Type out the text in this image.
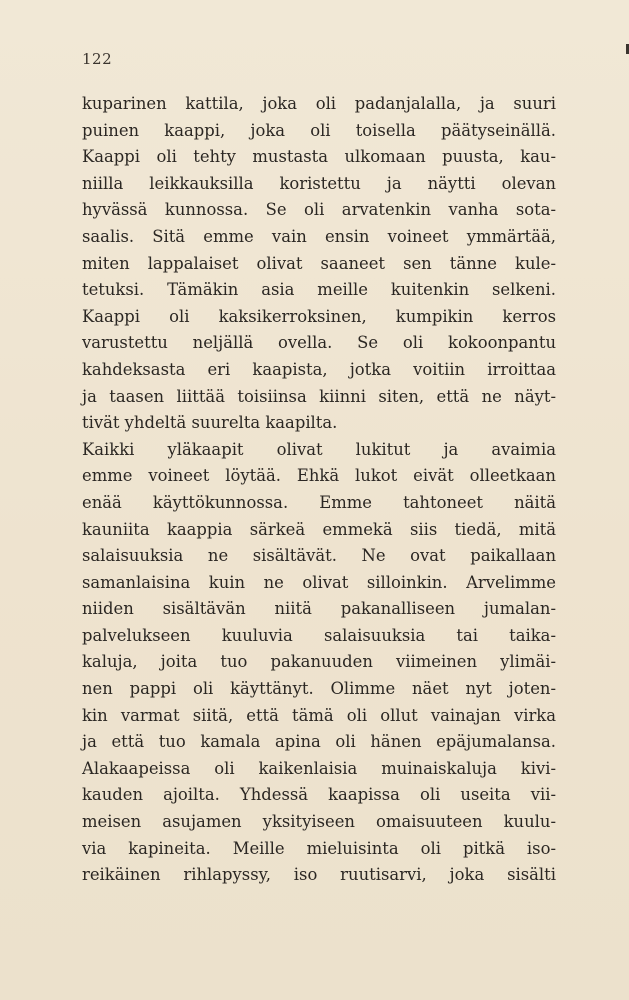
122
kuparinen kattila, joka oli padanjalalla, ja suuri
puinen kaappi, joka oli toisella päätyseinällä.
Kaappi oli tehty mustasta ulkomaan puusta, kau-
niilla leikkauksilla koristettu ja näytti olevan
hyvässä kunnossa. Se oli arvatenkin vanha sota-
saalis. Sitä emme vain ensin voineet ymmärtää,
miten lappalaiset olivat saaneet sen tänne kule-
tetuksi. Tämäkin asia meille kuitenkin selkeni.
Kaappi oli kaksikerroksinen, kumpikin kerros
varustettu neljällä ovella. Se oli kokoonpantu
kahdeksasta eri kaapista, jotka voitiin irroittaa
ja taasen liittää toisiinsa kiinni siten, että ne näyt-
tivät yhdeltä suurelta kaapilta.
Kaikki yläkaapit olivat lukitut ja avaimia
emme voineet löytää. Ehkä lukot eivät olleetkaan
enää käyttökunnossa. Emme tahtoneet näitä
kauniita kaappia särkeä emmekä siis tiedä, mitä
salaisuuksia ne sisältävät. Ne ovat paikallaan
samanlaisina kuin ne olivat silloinkin. Arvelimme
niiden sisältävän niitä pakanalliseen jumalan-
palvelukseen kuuluvia salaisuuksia tai taika-
kaluja, joita tuo pakanuuden viimeinen ylimäi-
nen pappi oli käyttänyt. Olimme näet nyt joten-
kin varmat siitä, että tämä oli ollut vainajan virka
ja että tuo kamala apina oli hänen epäjumalansa.
Alakaapeissa oli kaikenlaisia muinaiskaluja kivi-
kauden ajoilta. Yhdessä kaapissa oli useita vii-
meisen asujamen yksityiseen omaisuuteen kuulu-
via kapineita. Meille mieluisinta oli pitkä iso-
reikäinen rihlapyssy, iso ruutisarvi, joka sisälti
